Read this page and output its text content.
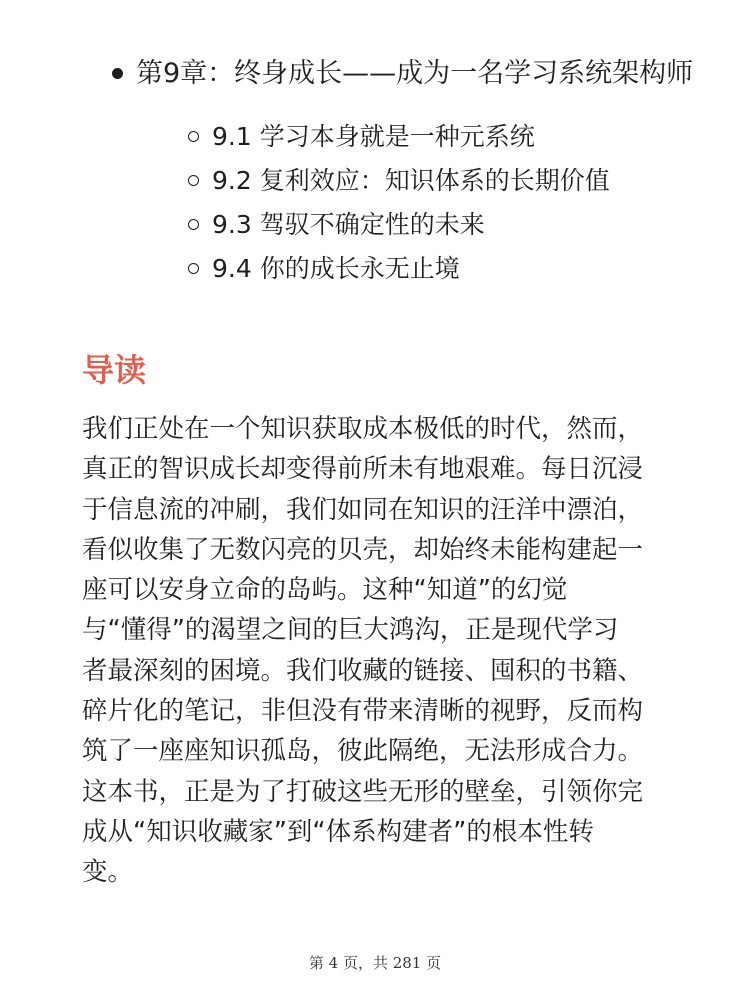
第9章：终身成长——成为一名学习系统架构师
9.1 学习本身就是一种元系统
9.2 复利效应：知识体系的长期价值
9.3 驾驭不确定性的未来
9.4 你的成长永无止境
导读

我们正处在一个知识获取成本极低的时代，然而，
真正的智识成长却变得前所未有地艰难。每日沉浸
于信息流的冲刷，我们如同在知识的汪洋中漂泊，
看似收集了无数闪亮的贝壳，却始终未能构建起一
座可以安身立命的岛屿。这种“知道”的幻觉
与“懂得”的渴望之间的巨大鸿沟，正是现代学习
者最深刻的困境。我们收藏的链接、囤积的书籍、
碎片化的笔记，非但没有带来清晰的视野，反而构
筑了一座座知识孤岛，彼此隔绝，无法形成合力。
这本书，正是为了打破这些无形的壁垒，引领你完
成从“知识收藏家”到“体系构建者”的根本性转
变。

第 4 页，共 281 页
